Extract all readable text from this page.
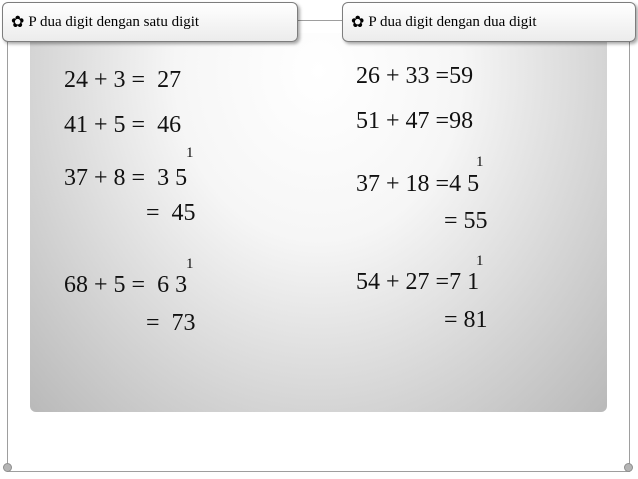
✿ P dua digit dengan satu digit	✿ P dua digit dengan dua digit
24 + 3 =  27
41 + 5 =  46
1
37 + 8 =  3 5
=  45
1
68 + 5 =  6 3
=  73
26 + 33 =59
51 + 47 =98
1
37 + 18 =4 5
= 55
1
54 + 27 =7 1
= 81
